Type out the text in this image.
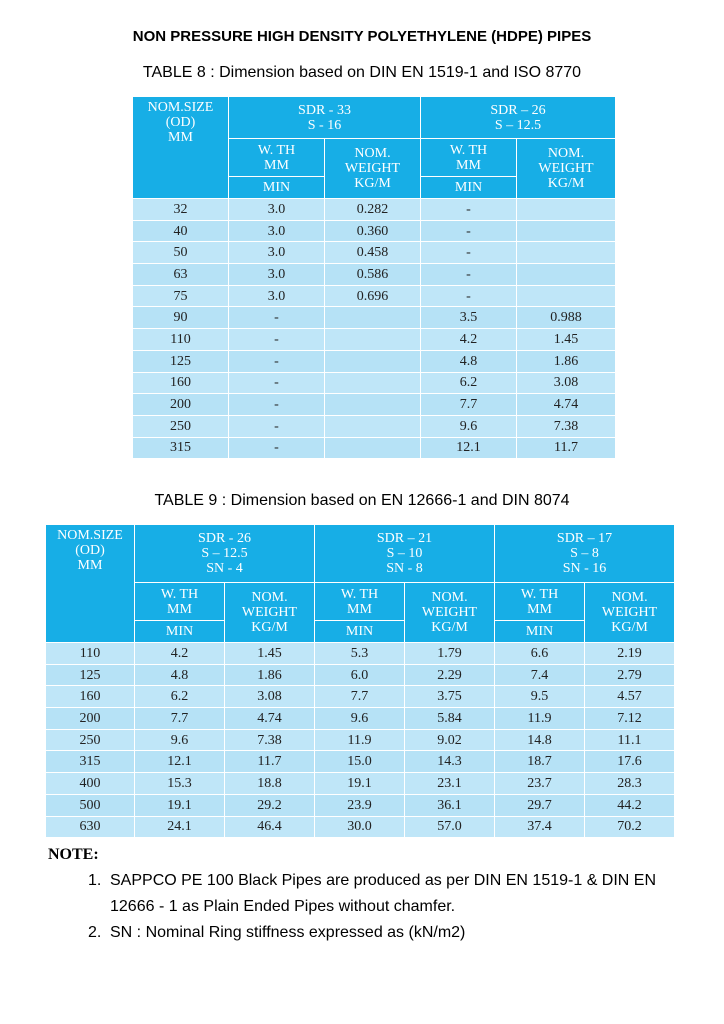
NON PRESSURE HIGH DENSITY POLYETHYLENE (HDPE) PIPES
TABLE 8 : Dimension based on DIN EN 1519-1 and ISO 8770
NOM.SIZE
(OD)
MM	SDR - 33
S - 16		SDR – 26
S – 12.5	

	W. TH
MM	NOM.
WEIGHT
KG/M	W. TH
MM	NOM.
WEIGHT
KG/M

	MIN		MIN	
32	3.0	0.282	-	
40	3.0	0.360	-	
50	3.0	0.458	-	
63	3.0	0.586	-	
75	3.0	0.696	-	
90	-		3.5	0.988
110	-		4.2	1.45
125	-		4.8	1.86
160	-		6.2	3.08
200	-		7.7	4.74
250	-		9.6	7.38
315	-		12.1	11.7
TABLE 9 : Dimension based on EN 12666-1 and DIN 8074
NOM.SIZE
(OD)
MM	SDR - 26
S – 12.5
SN - 4		SDR – 21
S – 10
SN - 8		SDR – 17
S – 8
SN - 16	

	W. TH
MM	NOM.
WEIGHT
KG/M	W. TH
MM	NOM.
WEIGHT
KG/M	W. TH
MM	NOM.
WEIGHT
KG/M

	MIN		MIN		MIN	
110	4.2	1.45	5.3	1.79	6.6	2.19
125	4.8	1.86	6.0	2.29	7.4	2.79
160	6.2	3.08	7.7	3.75	9.5	4.57
200	7.7	4.74	9.6	5.84	11.9	7.12
250	9.6	7.38	11.9	9.02	14.8	11.1
315	12.1	11.7	15.0	14.3	18.7	17.6
400	15.3	18.8	19.1	23.1	23.7	28.3
500	19.1	29.2	23.9	36.1	29.7	44.2
630	24.1	46.4	30.0	57.0	37.4	70.2
NOTE:
1. SAPPCO PE 100 Black Pipes are produced as per DIN EN 1519-1 & DIN EN 12666 - 1 as Plain Ended Pipes without chamfer.
2. SN : Nominal Ring stiffness expressed as (kN/m2)
